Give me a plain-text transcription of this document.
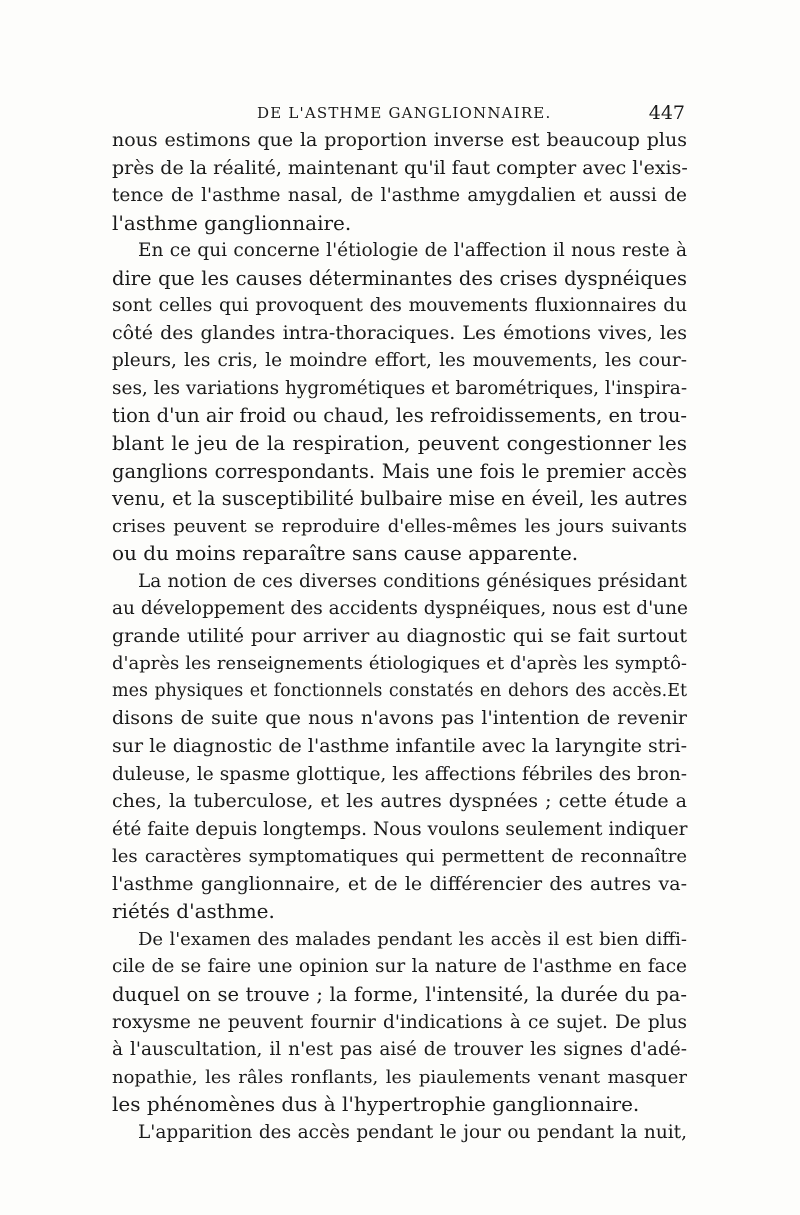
DE L'ASTHME GANGLIONNAIRE.	447
nous estimons que la proportion inverse est beaucoup plus
près de la réalité, maintenant qu'il faut compter avec l'exis-
tence de l'asthme nasal, de l'asthme amygdalien et aussi de
l'asthme ganglionnaire.
En ce qui concerne l'étiologie de l'affection il nous reste à
dire que les causes déterminantes des crises dyspnéiques
sont celles qui provoquent des mouvements fluxionnaires du
côté des glandes intra-thoraciques. Les émotions vives, les
pleurs, les cris, le moindre effort, les mouvements, les cour-
ses, les variations hygrométiques et barométriques, l'inspira-
tion d'un air froid ou chaud, les refroidissements, en trou-
blant le jeu de la respiration, peuvent congestionner les
ganglions correspondants. Mais une fois le premier accès
venu, et la susceptibilité bulbaire mise en éveil, les autres
crises peuvent se reproduire d'elles-mêmes les jours suivants
ou du moins reparaître sans cause apparente.
La notion de ces diverses conditions génésiques présidant
au développement des accidents dyspnéiques, nous est d'une
grande utilité pour arriver au diagnostic qui se fait surtout
d'après les renseignements étiologiques et d'après les symptô-
mes physiques et fonctionnels constatés en dehors des accès.Et
disons de suite que nous n'avons pas l'intention de revenir
sur le diagnostic de l'asthme infantile avec la laryngite stri-
duleuse, le spasme glottique, les affections fébriles des bron-
ches, la tuberculose, et les autres dyspnées ; cette étude a
été faite depuis longtemps. Nous voulons seulement indiquer
les caractères symptomatiques qui permettent de reconnaître
l'asthme ganglionnaire, et de le différencier des autres va-
riétés d'asthme.
De l'examen des malades pendant les accès il est bien diffi-
cile de se faire une opinion sur la nature de l'asthme en face
duquel on se trouve ; la forme, l'intensité, la durée du pa-
roxysme ne peuvent fournir d'indications à ce sujet. De plus
à l'auscultation, il n'est pas aisé de trouver les signes d'adé-
nopathie, les râles ronflants, les piaulements venant masquer
les phénomènes dus à l'hypertrophie ganglionnaire.
L'apparition des accès pendant le jour ou pendant la nuit,
